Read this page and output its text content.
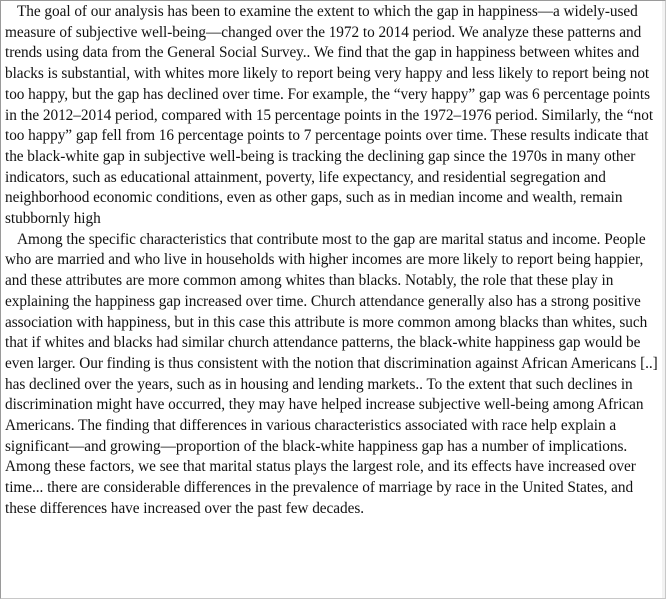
The goal of our analysis has been to examine the extent to which the gap in happiness—a widely-used measure of subjective well-being—changed over the 1972 to 2014 period. We analyze these patterns and trends using data from the General Social Survey.. We find that the gap in happiness between whites and blacks is substantial, with whites more likely to report being very happy and less likely to report being not too happy, but the gap has declined over time. For example, the “very happy” gap was 6 percentage points in the 2012–2014 period, compared with 15 percentage points in the 1972–1976 period. Similarly, the “not too happy” gap fell from 16 percentage points to 7 percentage points over time. These results indicate that the black-white gap in subjective well-being is tracking the declining gap since the 1970s in many other indicators, such as educational attainment, poverty, life expectancy, and residential segregation and neighborhood economic conditions, even as other gaps, such as in median income and wealth, remain stubbornly high

Among the specific characteristics that contribute most to the gap are marital status and income. People who are married and who live in households with higher incomes are more likely to report being happier, and these attributes are more common among whites than blacks. Notably, the role that these play in explaining the happiness gap increased over time. Church attendance generally also has a strong positive association with happiness, but in this case this attribute is more common among blacks than whites, such that if whites and blacks had similar church attendance patterns, the black-white happiness gap would be even larger. Our finding is thus consistent with the notion that discrimination against African Americans [..] has declined over the years, such as in housing and lending markets.. To the extent that such declines in discrimination might have occurred, they may have helped increase subjective well-being among African Americans. The finding that differences in various characteristics associated with race help explain a significant—and growing—proportion of the black-white happiness gap has a number of implications. Among these factors, we see that marital status plays the largest role, and its effects have increased over time... there are considerable differences in the prevalence of marriage by race in the United States, and these differences have increased over the past few decades.
